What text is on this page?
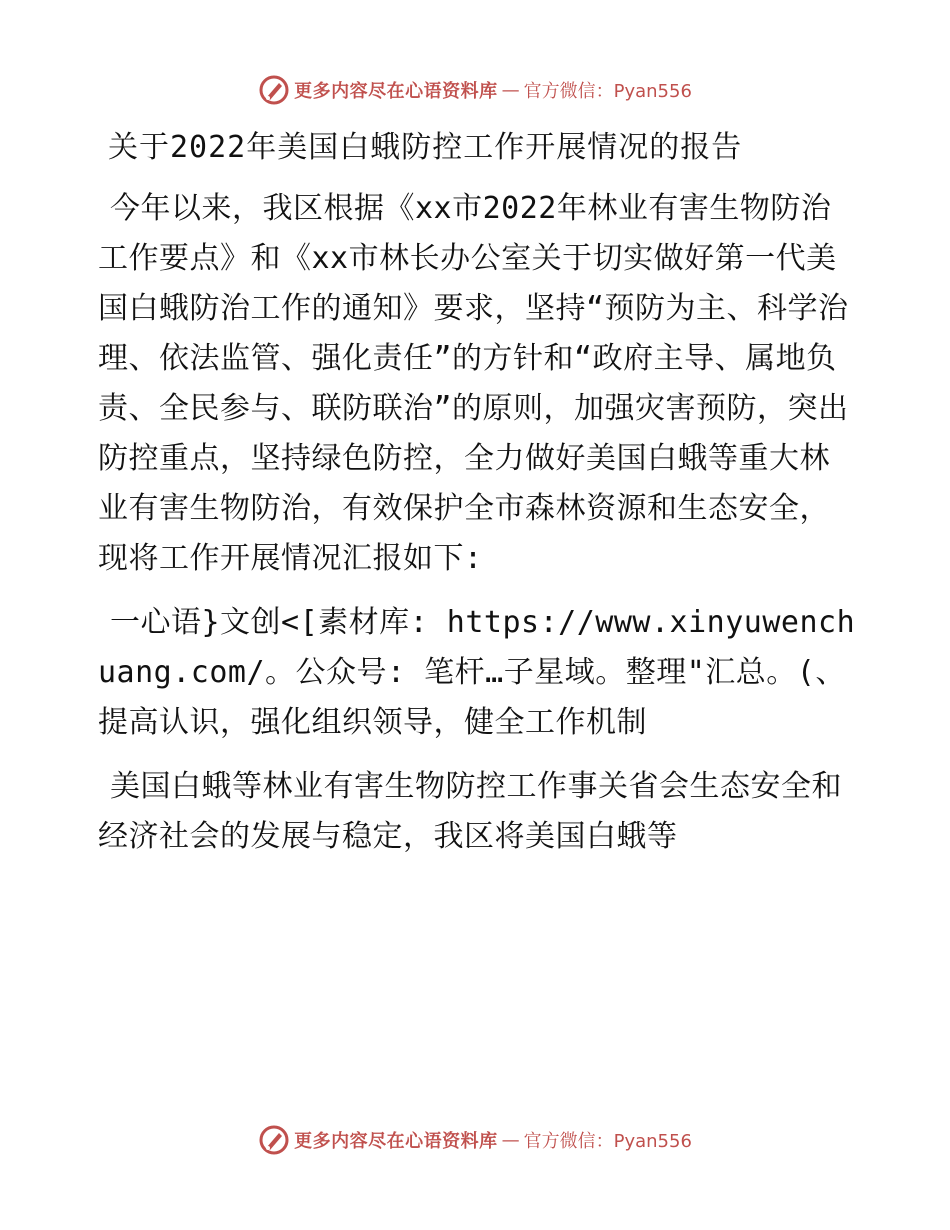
更多内容尽在心语资料库 — 官方微信：Pyan556
关于2022年美国白蛾防控工作开展情况的报告

今年以来，我区根据《xx市2022年林业有害生物防治工作要点》和《xx市林长办公室关于切实做好第一代美国白蛾防治工作的通知》要求，坚持“预防为主、科学治理、依法监管、强化责任”的方针和“政府主导、属地负责、全民参与、联防联治”的原则，加强灾害预防，突出防控重点，坚持绿色防控，全力做好美国白蛾等重大林业有害生物防治，有效保护全市森林资源和生态安全，现将工作开展情况汇报如下:

一心语}文创<[素材库: https://www.xinyuwenchuang.com/。公众号: 笔杆…子星域。整理"汇总。(、提高认识，强化组织领导，健全工作机制

美国白蛾等林业有害生物防控工作事关省会生态安全和经济社会的发展与稳定，我区将美国白蛾等

更多内容尽在心语资料库 — 官方微信：Pyan556
